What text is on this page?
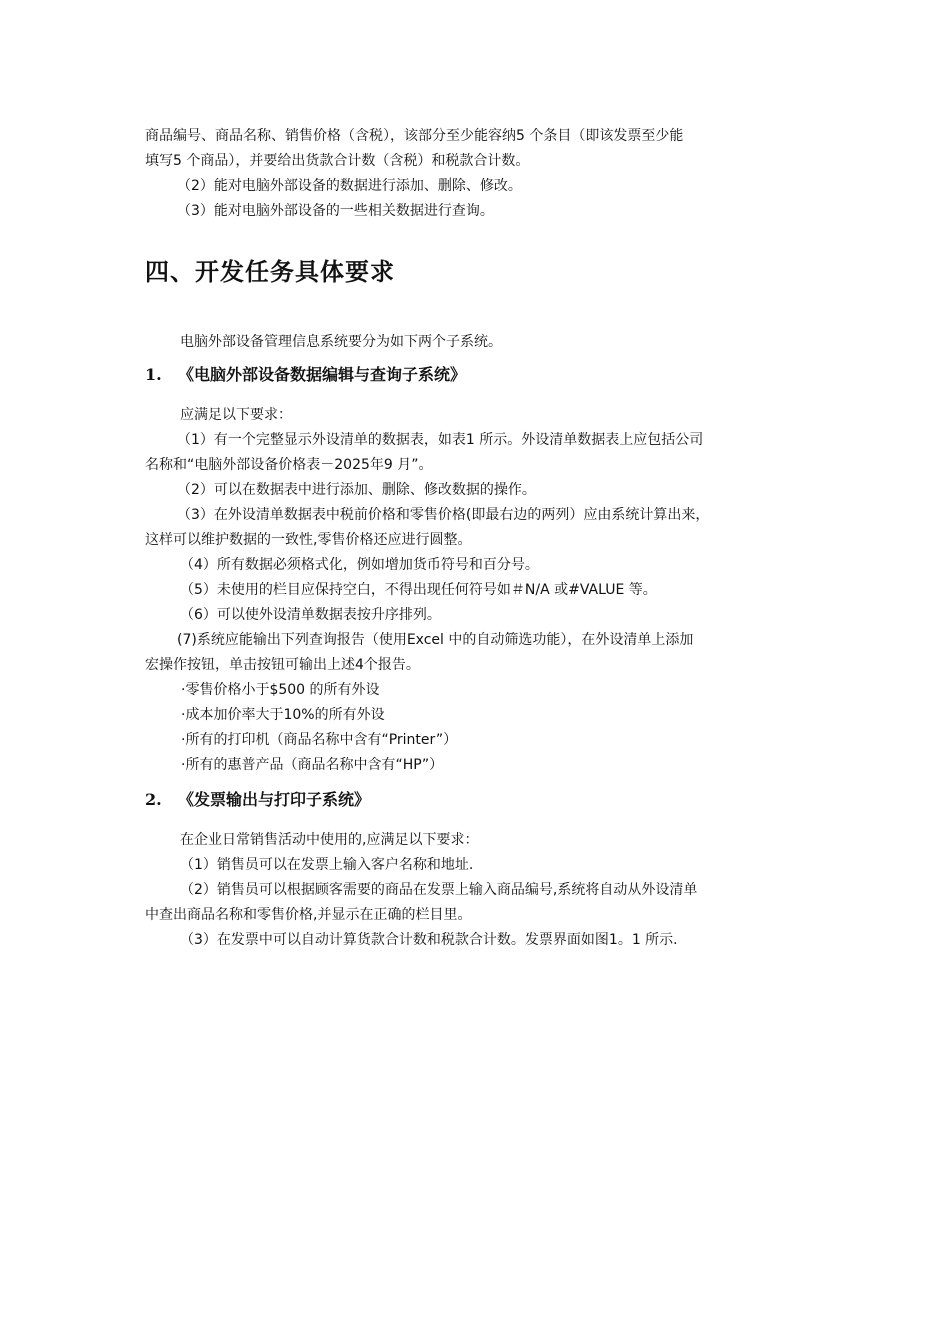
商品编号、商品名称、销售价格（含税），该部分至少能容纳5 个条目（即该发票至少能

填写5 个商品），并要给出货款合计数（含税）和税款合计数。

（2）能对电脑外部设备的数据进行添加、删除、修改。

（3）能对电脑外部设备的一些相关数据进行查询。

四、开发任务具体要求

电脑外部设备管理信息系统要分为如下两个子系统。

1. 《电脑外部设备数据编辑与查询子系统》

应满足以下要求：

（1）有一个完整显示外设清单的数据表，如表1 所示。外设清单数据表上应包括公司

名称和“电脑外部设备价格表－2025年9 月”。

（2）可以在数据表中进行添加、删除、修改数据的操作。

（3）在外设清单数据表中税前价格和零售价格(即最右边的两列）应由系统计算出来，

这样可以维护数据的一致性,零售价格还应进行圆整。

（4）所有数据必须格式化，例如增加货币符号和百分号。

（5）未使用的栏目应保持空白，不得出现任何符号如＃N/A 或#VALUE 等。

（6）可以使外设清单数据表按升序排列。

(7)系统应能输出下列查询报告（使用Excel 中的自动筛选功能），在外设清单上添加

宏操作按钮，单击按钮可输出上述4个报告。

·零售价格小于$500 的所有外设

·成本加价率大于10%的所有外设

·所有的打印机（商品名称中含有“Printer”）

·所有的惠普产品（商品名称中含有“HP”）

2. 《发票输出与打印子系统》

在企业日常销售活动中使用的,应满足以下要求：

（1）销售员可以在发票上输入客户名称和地址.

（2）销售员可以根据顾客需要的商品在发票上输入商品编号,系统将自动从外设清单

中查出商品名称和零售价格,并显示在正确的栏目里。

（3）在发票中可以自动计算货款合计数和税款合计数。发票界面如图1。1 所示.
